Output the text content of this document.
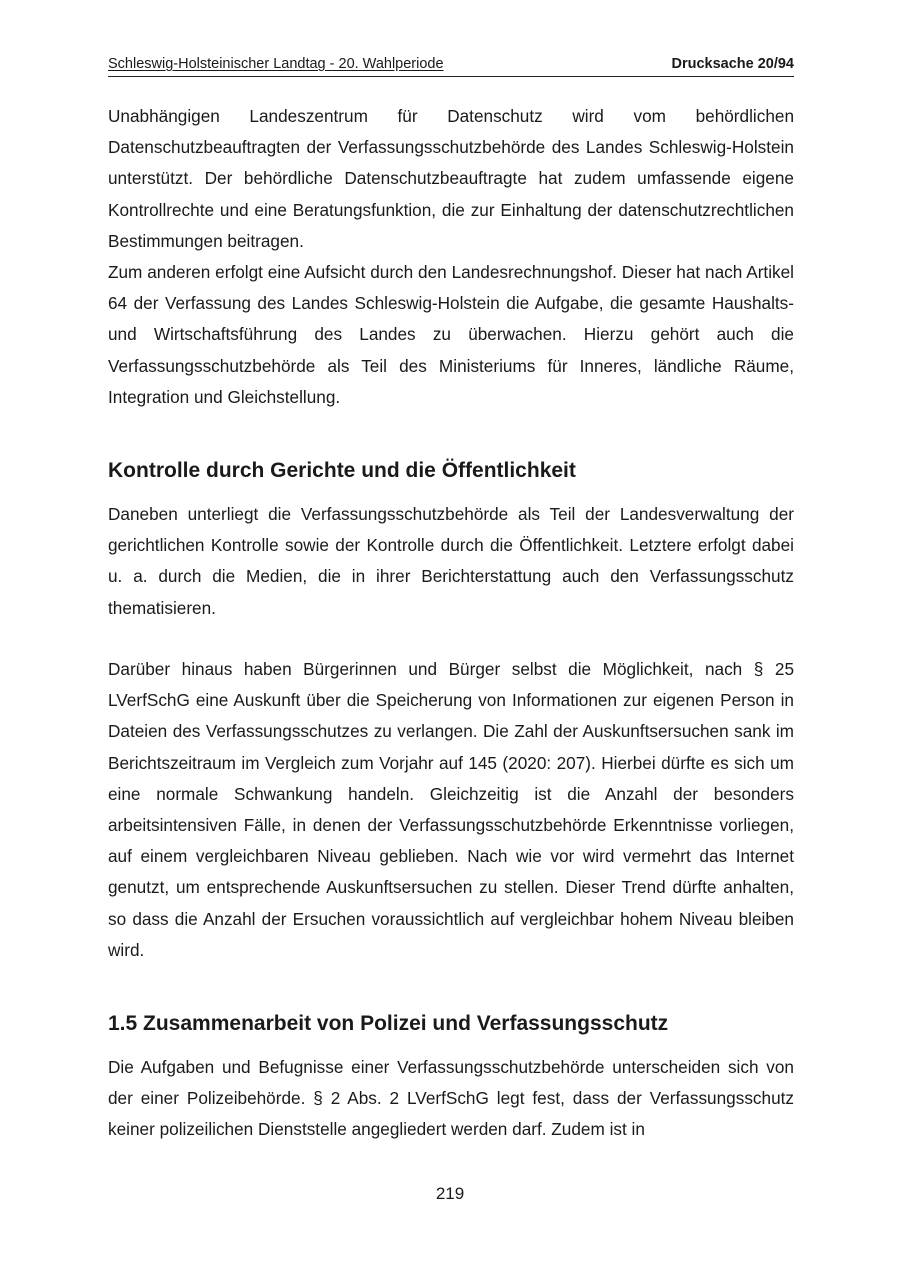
Schleswig-Holsteinischer Landtag - 20. Wahlperiode	Drucksache 20/94

Unabhängigen Landeszentrum für Datenschutz wird vom behördlichen Datenschutzbeauftragten der Verfassungsschutzbehörde des Landes Schleswig-Holstein unterstützt. Der behördliche Datenschutzbeauftragte hat zudem umfassende eigene Kontrollrechte und eine Beratungsfunktion, die zur Einhaltung der datenschutzrechtlichen Bestimmungen beitragen.

Zum anderen erfolgt eine Aufsicht durch den Landesrechnungshof. Dieser hat nach Artikel 64 der Verfassung des Landes Schleswig-Holstein die Aufgabe, die gesamte Haushalts- und Wirtschaftsführung des Landes zu überwachen. Hierzu gehört auch die Verfassungsschutzbehörde als Teil des Ministeriums für Inneres, ländliche Räume, Integration und Gleichstellung.

Kontrolle durch Gerichte und die Öffentlichkeit

Daneben unterliegt die Verfassungsschutzbehörde als Teil der Landesverwaltung der gerichtlichen Kontrolle sowie der Kontrolle durch die Öffentlichkeit. Letztere erfolgt dabei u. a. durch die Medien, die in ihrer Berichterstattung auch den Verfassungsschutz thematisieren.

Darüber hinaus haben Bürgerinnen und Bürger selbst die Möglichkeit, nach § 25 LVerfSchG eine Auskunft über die Speicherung von Informationen zur eigenen Person in Dateien des Verfassungsschutzes zu verlangen. Die Zahl der Auskunftsersuchen sank im Berichtszeitraum im Vergleich zum Vorjahr auf 145 (2020: 207). Hierbei dürfte es sich um eine normale Schwankung handeln. Gleichzeitig ist die Anzahl der besonders arbeitsintensiven Fälle, in denen der Verfassungsschutzbehörde Erkenntnisse vorliegen, auf einem vergleichbaren Niveau geblieben. Nach wie vor wird vermehrt das Internet genutzt, um entsprechende Auskunftsersuchen zu stellen. Dieser Trend dürfte anhalten, so dass die Anzahl der Ersuchen voraussichtlich auf vergleichbar hohem Niveau bleiben wird.

1.5 Zusammenarbeit von Polizei und Verfassungsschutz

Die Aufgaben und Befugnisse einer Verfassungsschutzbehörde unterscheiden sich von der einer Polizeibehörde. § 2 Abs. 2 LVerfSchG legt fest, dass der Verfassungsschutz keiner polizeilichen Dienststelle angegliedert werden darf. Zudem ist in

219
